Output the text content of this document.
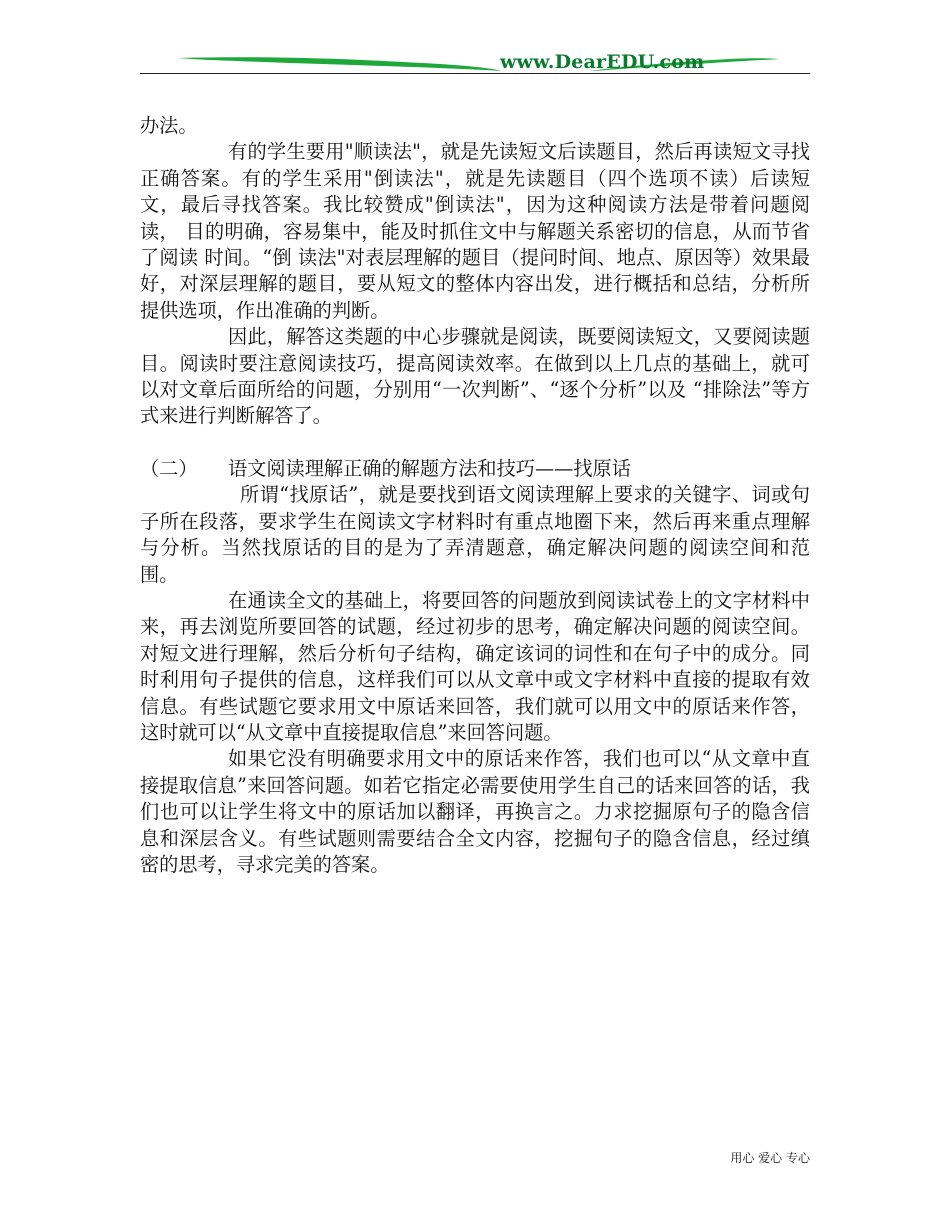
www.DearEDU.com

办法。

有的学生要用"顺读法"，就是先读短文后读题目，然后再读短文寻找正确答案。有的学生采用"倒读法"，就是先读题目（四个选项不读）后读短文，最后寻找答案。我比较赞成"倒读法"，因为这种阅读方法是带着问题阅读， 目的明确，容易集中，能及时抓住文中与解题关系密切的信息，从而节省了阅读 时间。“倒 读法"对表层理解的题目（提问时间、地点、原因等）效果最好，对深层理解的题目，要从短文的整体内容出发，进行概括和总结，分析所提供选项，作出准确的判断。

因此，解答这类题的中心步骤就是阅读，既要阅读短文，又要阅读题目。阅读时要注意阅读技巧，提高阅读效率。在做到以上几点的基础上，就可以对文章后面所给的问题，分别用“一次判断”、“逐个分析”以及 “排除法”等方式来进行判断解答了。

（二）	语文阅读理解正确的解题方法和技巧——找原话

所谓“找原话”，就是要找到语文阅读理解上要求的关键字、词或句子所在段落，要求学生在阅读文字材料时有重点地圈下来，然后再来重点理解与分析。当然找原话的目的是为了弄清题意，确定解决问题的阅读空间和范围。

在通读全文的基础上，将要回答的问题放到阅读试卷上的文字材料中来，再去浏览所要回答的试题，经过初步的思考，确定解决问题的阅读空间。对短文进行理解，然后分析句子结构，确定该词的词性和在句子中的成分。同时利用句子提供的信息，这样我们可以从文章中或文字材料中直接的提取有效信息。有些试题它要求用文中原话来回答，我们就可以用文中的原话来作答，这时就可以“从文章中直接提取信息”来回答问题。

如果它没有明确要求用文中的原话来作答，我们也可以“从文章中直接提取信息”来回答问题。如若它指定必需要使用学生自己的话来回答的话，我们也可以让学生将文中的原话加以翻译，再换言之。力求挖掘原句子的隐含信息和深层含义。有些试题则需要结合全文内容，挖掘句子的隐含信息，经过缜密的思考，寻求完美的答案。

用心 爱心 专心
